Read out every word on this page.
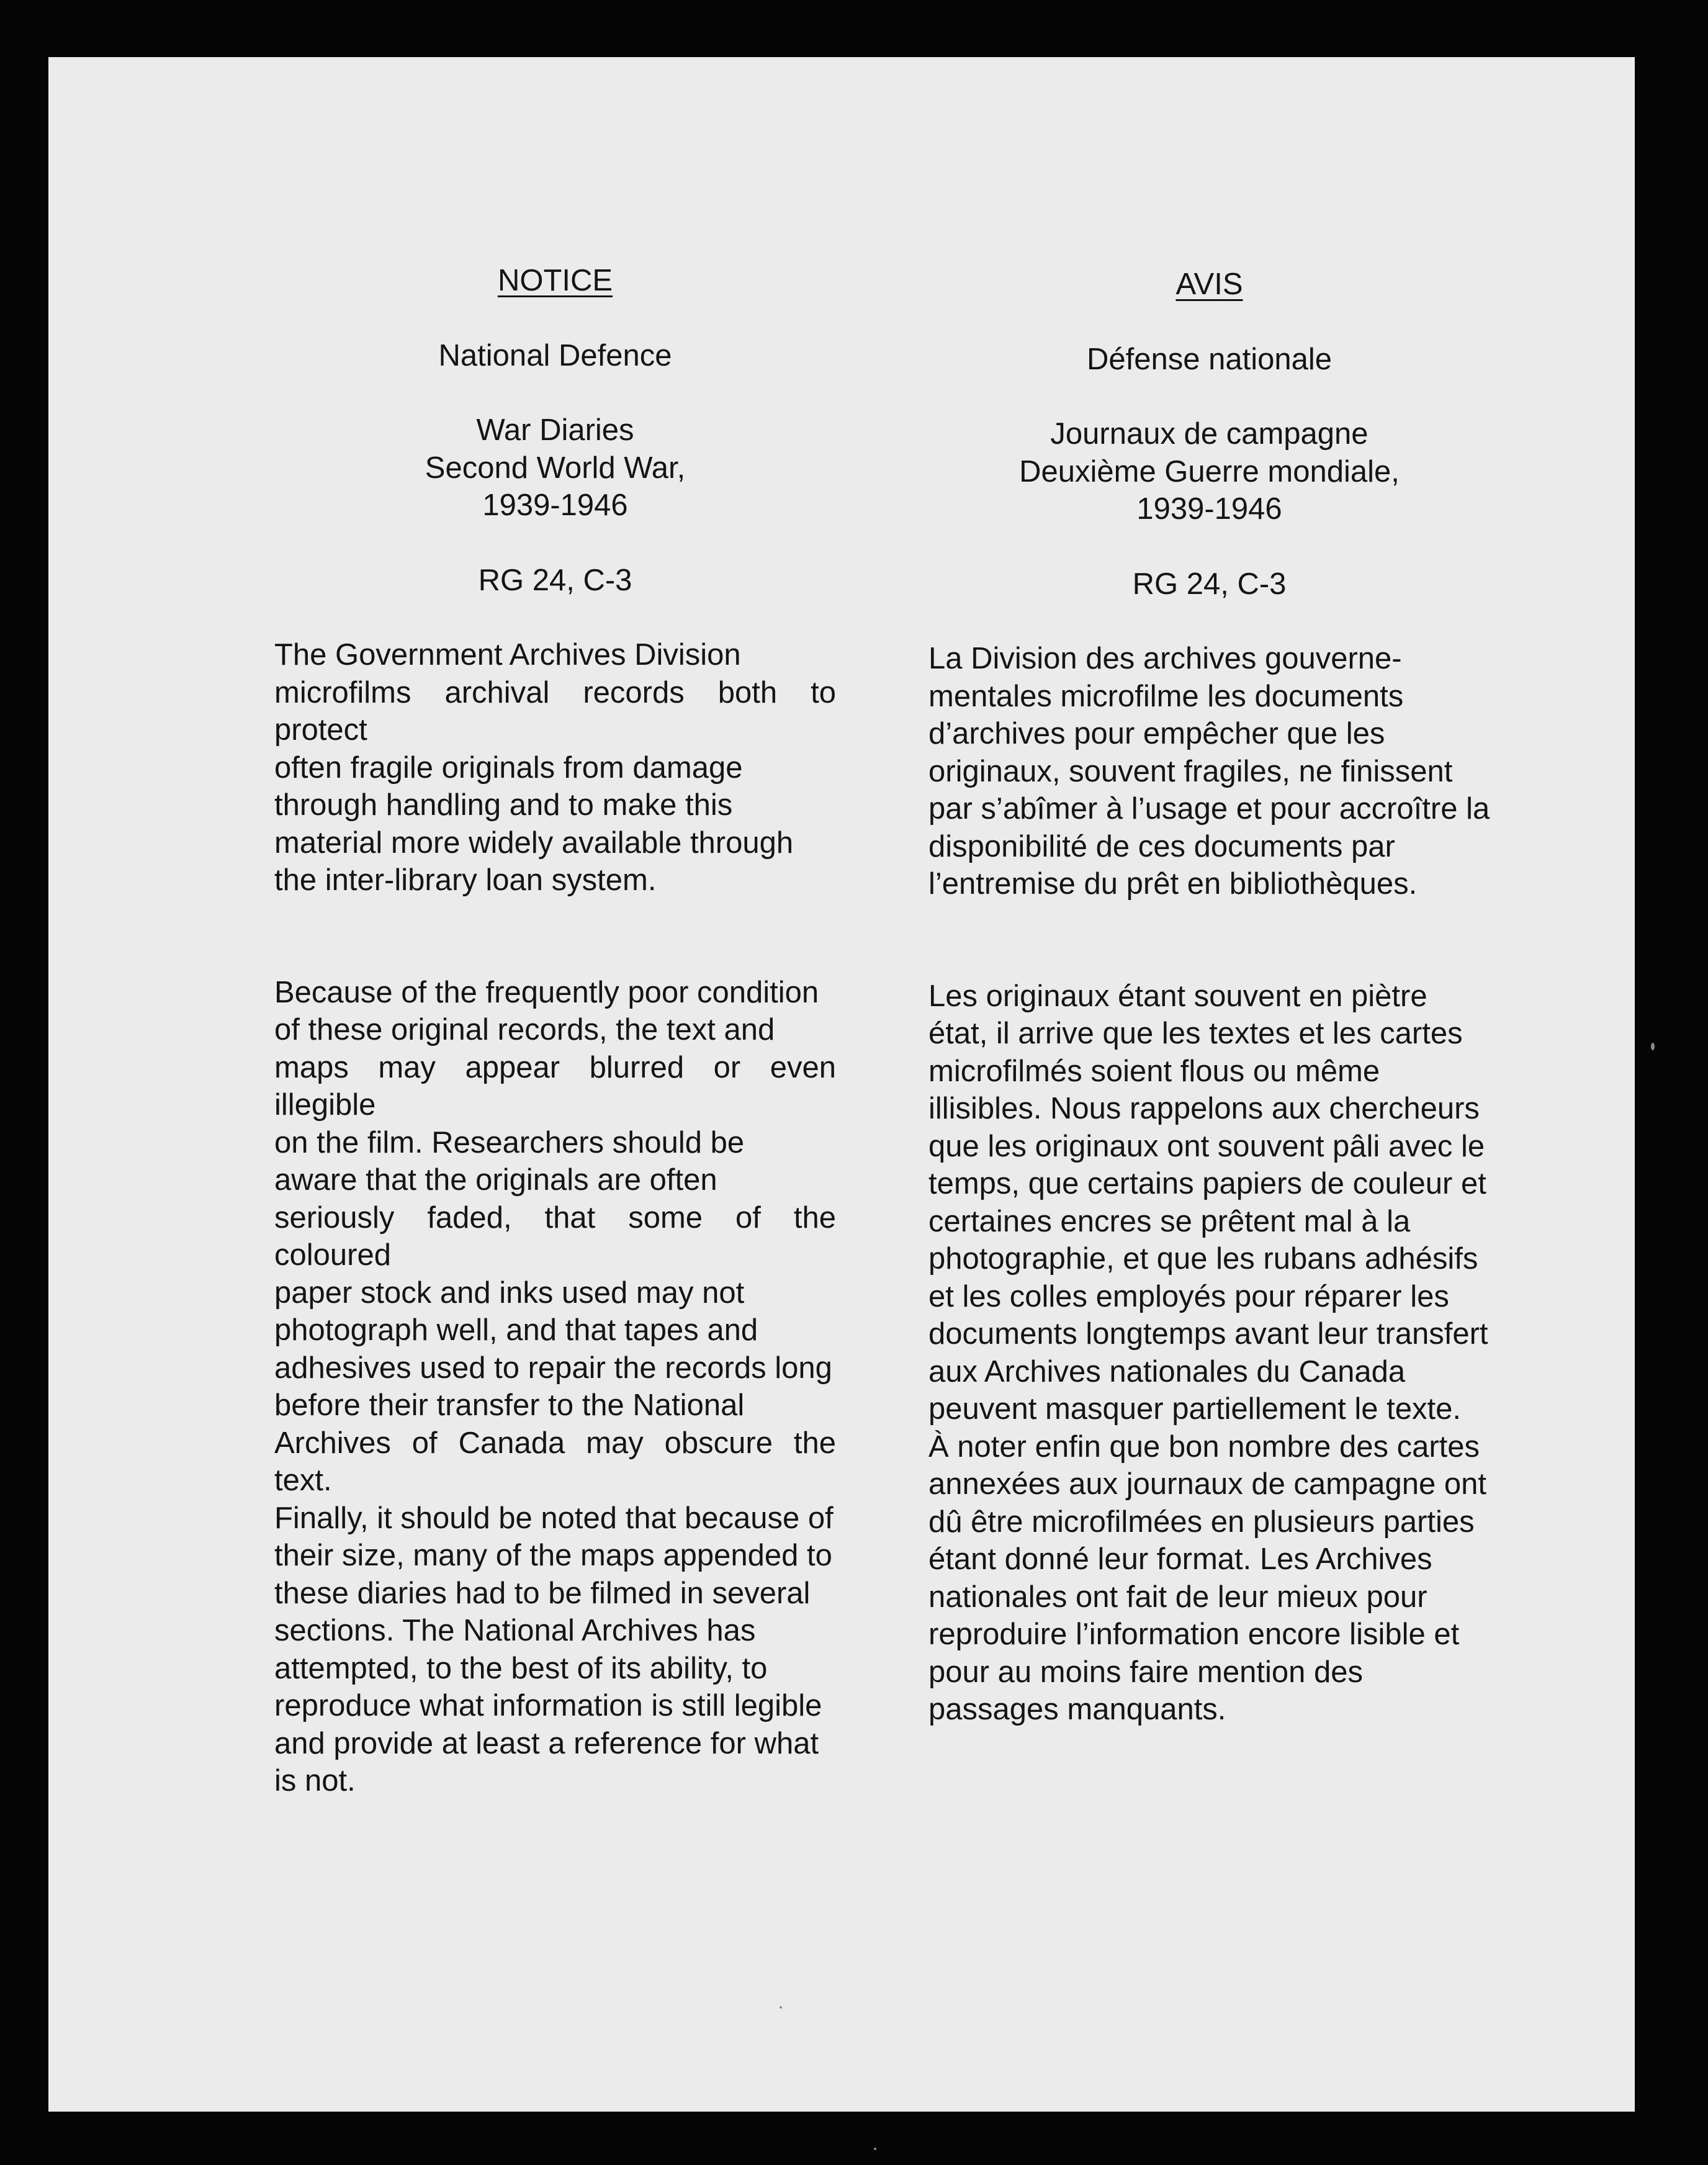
NOTICE

National Defence

War Diaries
Second World War,
1939-1946

RG 24, C-3

The Government Archives Division
microfilms archival records both to protect
often fragile originals from damage
through handling and to make this
material more widely available through
the inter-library loan system.

Because of the frequently poor condition
of these original records, the text and
maps may appear blurred or even illegible
on the film. Researchers should be
aware that the originals are often
seriously faded, that some of the coloured
paper stock and inks used may not
photograph well, and that tapes and
adhesives used to repair the records long
before their transfer to the National
Archives of Canada may obscure the text.
Finally, it should be noted that because of
their size, many of the maps appended to
these diaries had to be filmed in several
sections. The National Archives has
attempted, to the best of its ability, to
reproduce what information is still legible
and provide at least a reference for what
is not.

AVIS

Défense nationale

Journaux de campagne
Deuxième Guerre mondiale,
1939-1946

RG 24, C-3

La Division des archives gouverne-
mentales microfilme les documents
d’archives pour empêcher que les
originaux, souvent fragiles, ne finissent
par s’abîmer à l’usage et pour accroître la
disponibilité de ces documents par
l’entremise du prêt en bibliothèques.

Les originaux étant souvent en piètre
état, il arrive que les textes et les cartes
microfilmés soient flous ou même
illisibles. Nous rappelons aux chercheurs
que les originaux ont souvent pâli avec le
temps, que certains papiers de couleur et
certaines encres se prêtent mal à la
photographie, et que les rubans adhésifs
et les colles employés pour réparer les
documents longtemps avant leur transfert
aux Archives nationales du Canada
peuvent masquer partiellement le texte.
À noter enfin que bon nombre des cartes
annexées aux journaux de campagne ont
dû être microfilmées en plusieurs parties
étant donné leur format. Les Archives
nationales ont fait de leur mieux pour
reproduire l’information encore lisible et
pour au moins faire mention des
passages manquants.
